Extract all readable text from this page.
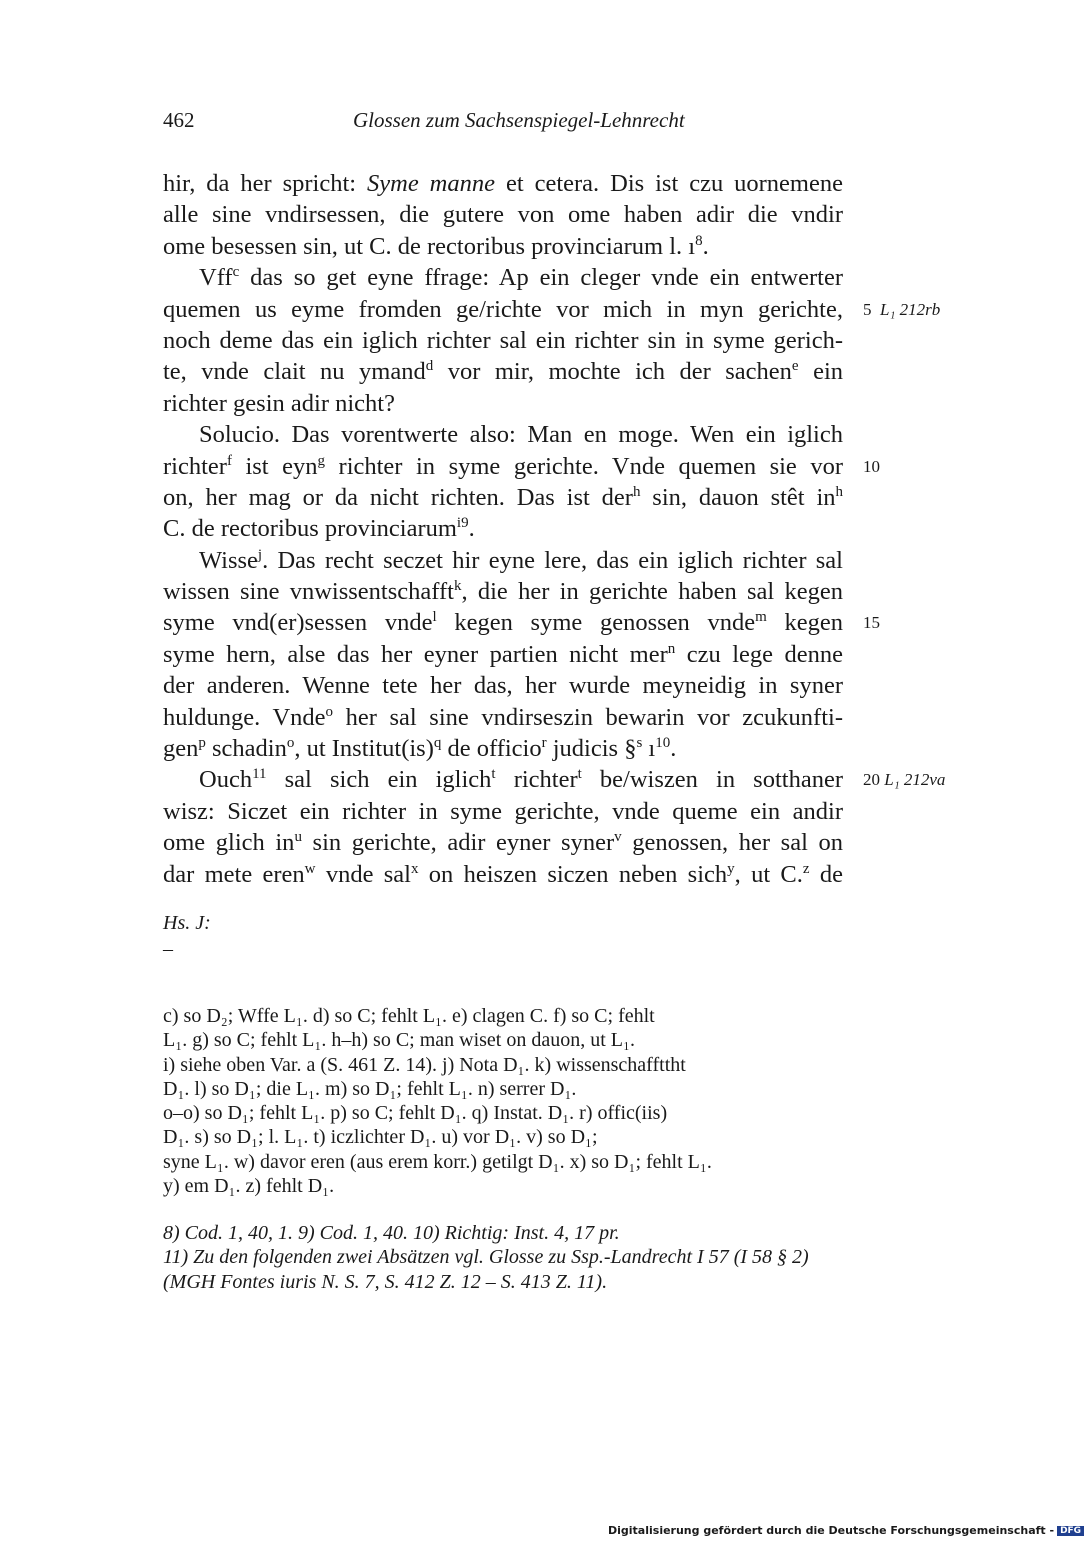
462	Glossen zum Sachsenspiegel-Lehnrecht
hir, da her spricht: Syme manne et cetera. Dis ist czu uornemene
alle sine vndirsessen, die gutere von ome haben adir die vndir
ome besessen sin, ut C. de rectoribus provinciarum l. $ı^8$.
Vff$^c$ das so get eyne ffrage: Ap ein cleger vnde ein entwerter
quemen us eyme fromden ge/richte vor mich in myn gerichte, 5 L₁ 212rb
noch deme das ein iglich richter sal ein richter sin in syme gerich-
te, vnde clait nu ymand$^d$ vor mir, mochte ich der sachen$^e$ ein
richter gesin adir nicht?
Solucio. Das vorentwerte also: Man en moge. Wen ein iglich
richter$^f$ ist eyn$^g$ richter in syme gerichte. Vnde quemen sie vor 10
on, her mag or da nicht richten. Das ist der$^h$ sin, dauon stêt $in^h$
C. de rectoribus provinciarum$^{i9}$.
Wisse$^j$. Das recht seczet hir eyne lere, das ein iglich richter sal
wissen sine vnwissentschafft$^k$, die her in gerichte haben sal kegen
syme vnd(er)sessen vnde$^l$ kegen syme genossen vnde$^m$ kegen 15
syme hern, alse das her eyner partien nicht mer$^n$ czu lege denne
der anderen. Wenne tete her das, her wurde meyneidig in syner
huldunge. Vnde$^o$ her sal sine vndirseszin bewarin vor zcukunfti-
gen$^p$ schadin$^o$, ut Institut(is)$^q$ de officio$^r$ judicis §$^s$ $ı^{10}$.
Ouch$^{11}$ sal sich ein iglich$^t$ richter$^t$ be/wiszen in sotthaner 20 L₁ 212va
wisz: Siczet ein richter in syme gerichte, vnde queme ein andir
ome glich $in^u$ sin gerichte, adir eyner syner$^v$ genossen, her sal on
dar mete eren$^w$ vnde sal$^x$ on heiszen siczen neben sich$^y$, ut C.$^z$ de
Hs. J:
–
c) so D₂; Wffe L₁. d) so C; fehlt L₁. e) clagen C. f) so C; fehlt
L₁. g) so C; fehlt L₁. h–h) so C; man wiset on dauon, ut L₁.
i) siehe oben Var. a (S. 461 Z. 14). j) Nota D₁. k) wissenschaffttht
D₁. l) so D₁; die L₁. m) so D₁; fehlt L₁. n) serrer D₁.
o–o) so D₁; fehlt L₁. p) so C; fehlt D₁. q) Instat. D₁. r) offic(iis)
D₁. s) so D₁; l. L₁. t) iczlichter D₁. u) vor D₁. v) so D₁;
syne L₁. w) davor eren (aus erem korr.) getilgt D₁. x) so D₁; fehlt L₁.
y) em D₁. z) fehlt D₁.
8) Cod. 1, 40, 1. 9) Cod. 1, 40. 10) Richtig: Inst. 4, 17 pr.
11) Zu den folgenden zwei Absätzen vgl. Glosse zu Ssp.-Landrecht I 57 (I 58 § 2)
(MGH Fontes iuris N. S. 7, S. 412 Z. 12 – S. 413 Z. 11).
Digitalisierung gefördert durch die Deutsche Forschungsgemeinschaft - DFG
